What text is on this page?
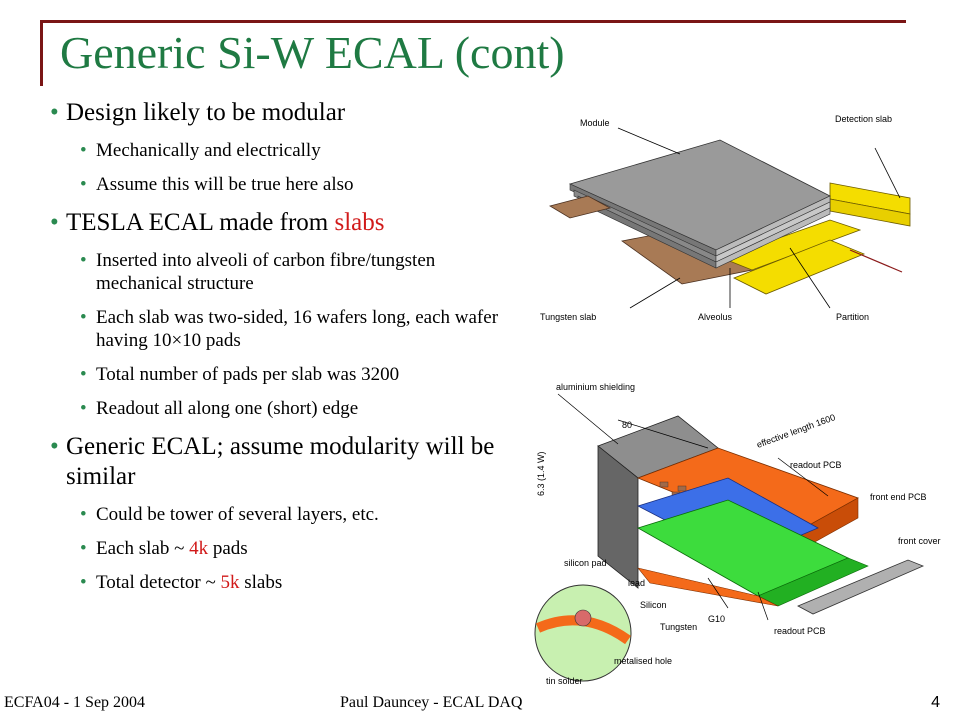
Generic Si-W ECAL (cont)
• Design likely to be modular
• Mechanically and electrically
• Assume this will be true here also
• TESLA ECAL made from slabs
• Inserted into alveoli of carbon fibre/tungsten mechanical structure
• Each slab was two-sided, 16 wafers long, each wafer having 10×10 pads
• Total number of pads per slab was 3200
• Readout all along one (short) edge
• Generic ECAL; assume modularity will be similar
• Could be tower of several layers, etc.
• Each slab ~ 4k pads
• Total detector ~ 5k slabs
Module	Detection slab
Tungsten slab	Alveolus	Partition
aluminium shielding
80	effective length 1600
readout PCB
6.3 (1.4 W)
front end PCB
front cover
silicon pad
lead
Silicon
Tungsten
G10
readout PCB
metalised hole
tin solder
ECFA04 - 1 Sep 2004	Paul Dauncey - ECAL DAQ	4
